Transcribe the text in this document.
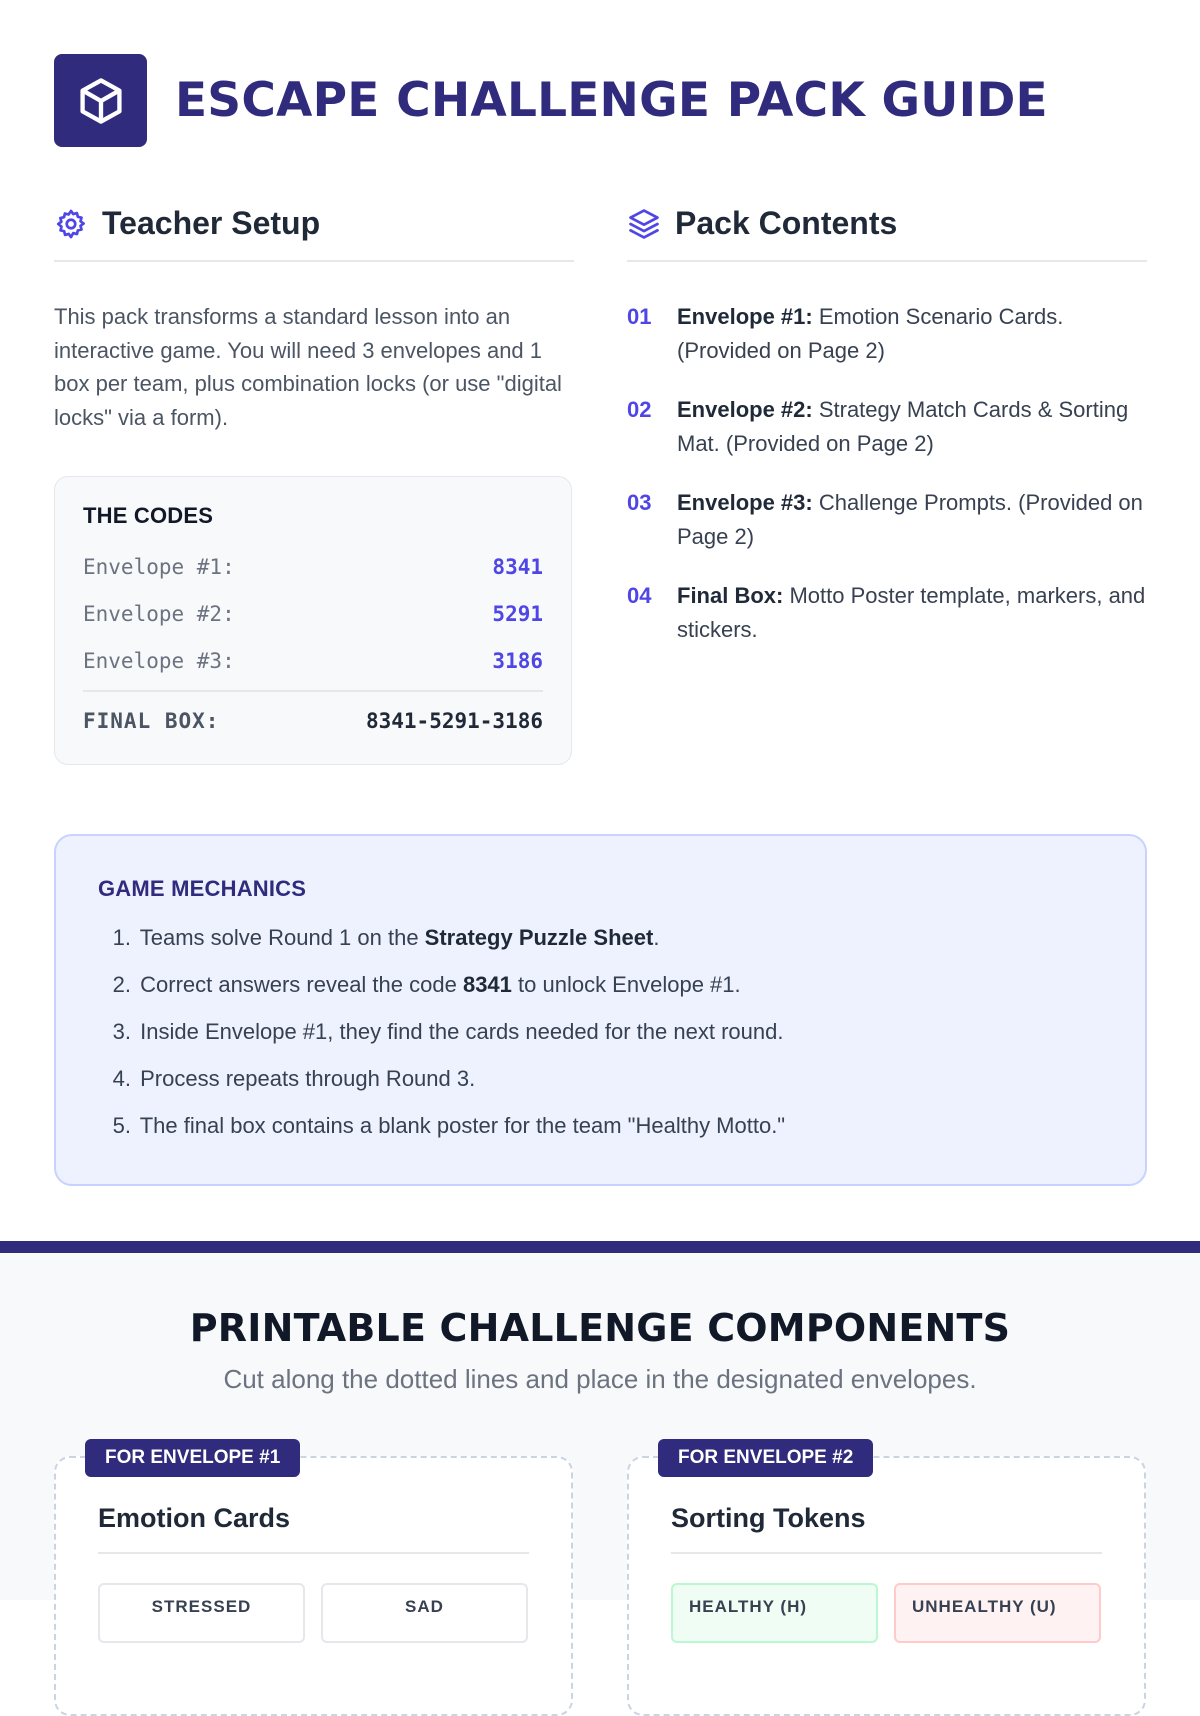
ESCAPE CHALLENGE PACK GUIDE
Teacher Setup
This pack transforms a standard lesson into an interactive game. You will need 3 envelopes and 1 box per team, plus combination locks (or use "digital locks" via a form).
THE CODES
Envelope #1:	8341
Envelope #2:	5291
Envelope #3:	3186
FINAL BOX:	8341-5291-3186
Pack Contents
01	Envelope #1: Emotion Scenario Cards. (Provided on Page 2)
02	Envelope #2: Strategy Match Cards & Sorting Mat. (Provided on Page 2)
03	Envelope #3: Challenge Prompts. (Provided on Page 2)
04	Final Box: Motto Poster template, markers, and stickers.
GAME MECHANICS
1. Teams solve Round 1 on the Strategy Puzzle Sheet.
2. Correct answers reveal the code 8341 to unlock Envelope #1.
3. Inside Envelope #1, they find the cards needed for the next round.
4. Process repeats through Round 3.
5. The final box contains a blank poster for the team "Healthy Motto."
PRINTABLE CHALLENGE COMPONENTS
Cut along the dotted lines and place in the designated envelopes.
FOR ENVELOPE #1
Emotion Cards
STRESSED	SAD
FOR ENVELOPE #2
Sorting Tokens
HEALTHY (H)	UNHEALTHY (U)
